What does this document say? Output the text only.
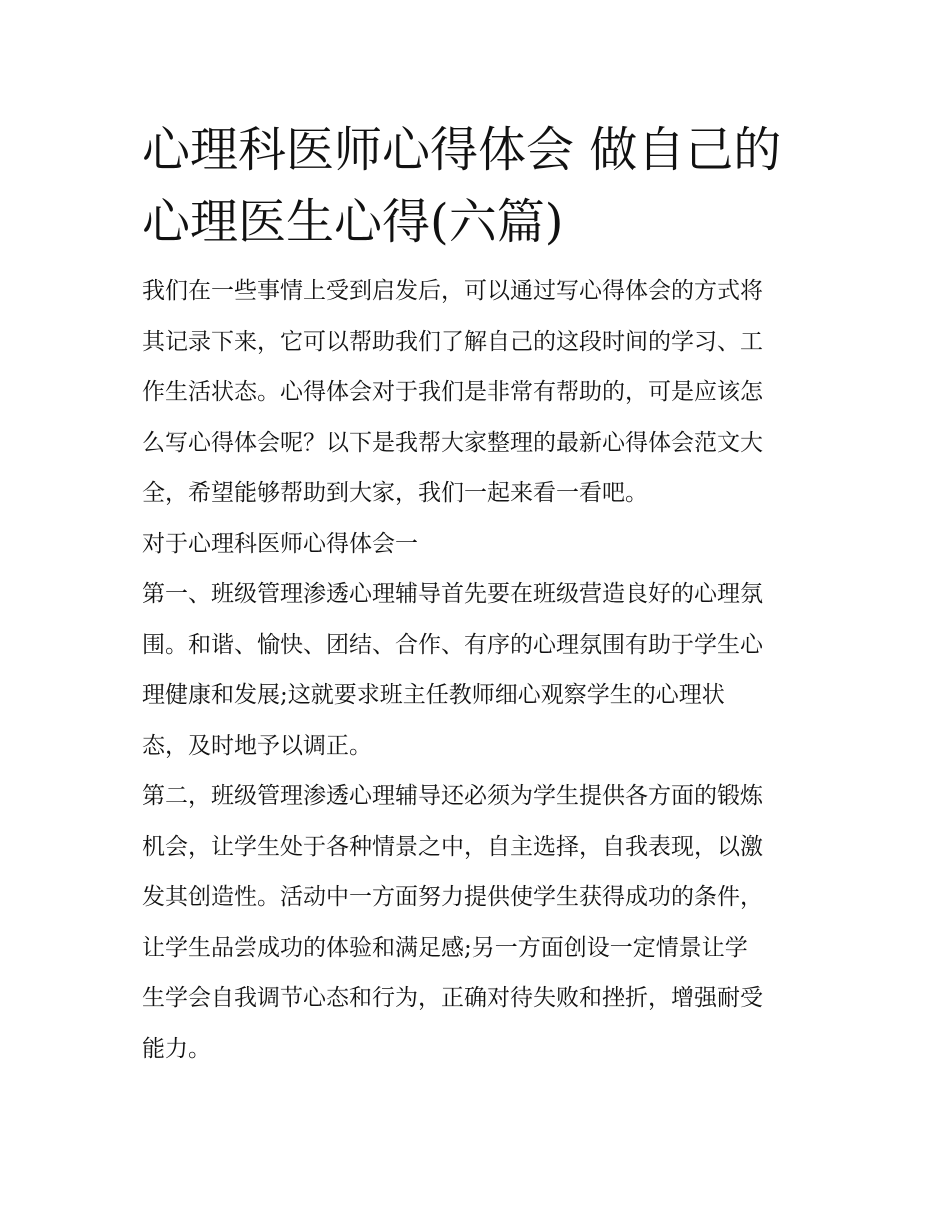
心理科医师心得体会 做自己的
心理医生心得(六篇)
我们在一些事情上受到启发后，可以通过写心得体会的方式将
其记录下来，它可以帮助我们了解自己的这段时间的学习、工
作生活状态。心得体会对于我们是非常有帮助的，可是应该怎
么写心得体会呢？以下是我帮大家整理的最新心得体会范文大
全，希望能够帮助到大家，我们一起来看一看吧。
对于心理科医师心得体会一
第一、班级管理渗透心理辅导首先要在班级营造良好的心理氛
围。和谐、愉快、团结、合作、有序的心理氛围有助于学生心
理健康和发展;这就要求班主任教师细心观察学生的心理状
态，及时地予以调正。
第二，班级管理渗透心理辅导还必须为学生提供各方面的锻炼
机会，让学生处于各种情景之中，自主选择，自我表现，以激
发其创造性。活动中一方面努力提供使学生获得成功的条件，
让学生品尝成功的体验和满足感;另一方面创设一定情景让学
生学会自我调节心态和行为，正确对待失败和挫折，增强耐受
能力。
